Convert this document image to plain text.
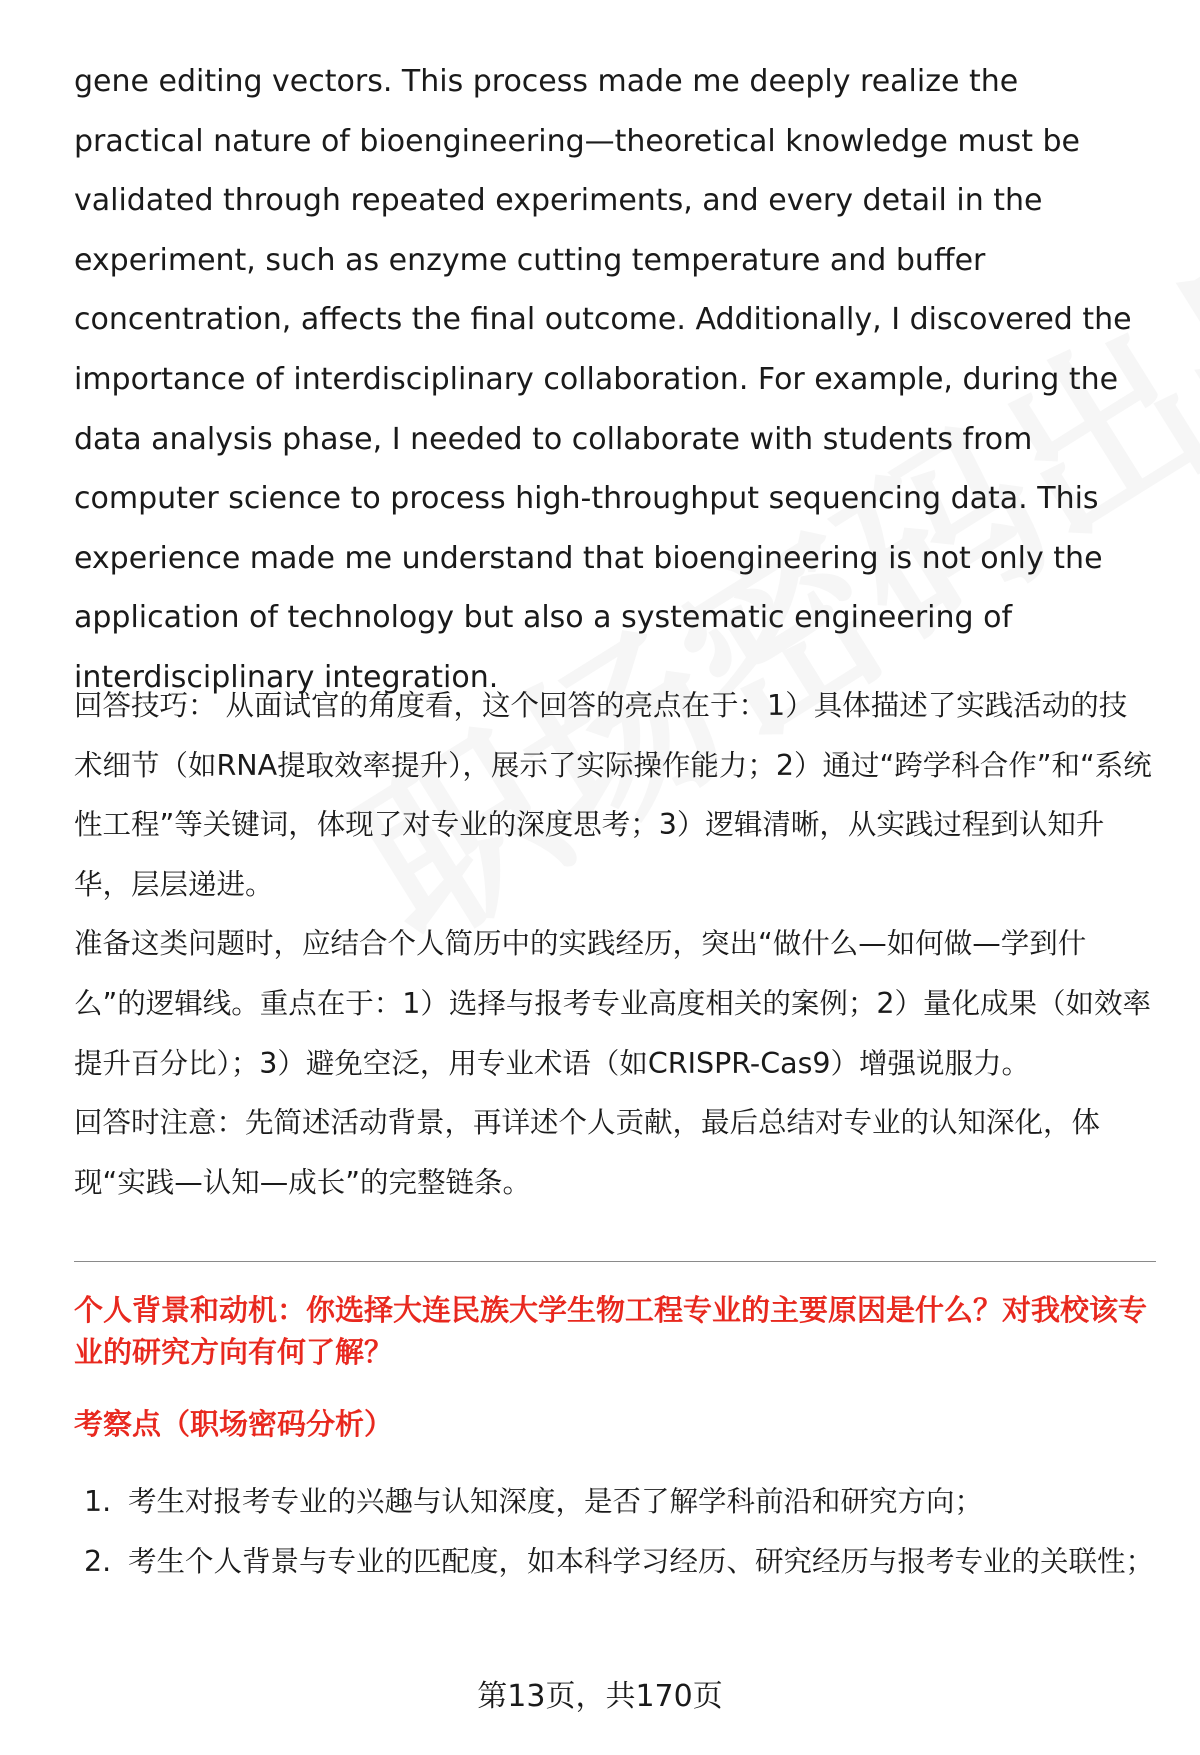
gene editing vectors. This process made me deeply realize the practical nature of bioengineering—theoretical knowledge must be validated through repeated experiments, and every detail in the experiment, such as enzyme cutting temperature and buffer concentration, affects the final outcome. Additionally, I discovered the importance of interdisciplinary collaboration. For example, during the data analysis phase, I needed to collaborate with students from computer science to process high-throughput sequencing data. This experience made me understand that bioengineering is not only the application of technology but also a systematic engineering of interdisciplinary integration.

回答技巧： 从面试官的角度看，这个回答的亮点在于：1）具体描述了实践活动的技术细节（如RNA提取效率提升），展示了实际操作能力；2）通过“跨学科合作”和“系统性工程”等关键词，体现了对专业的深度思考；3）逻辑清晰，从实践过程到认知升华，层层递进。

准备这类问题时，应结合个人简历中的实践经历，突出“做什么—如何做—学到什么”的逻辑线。重点在于：1）选择与报考专业高度相关的案例；2）量化成果（如效率提升百分比）；3）避免空泛，用专业术语（如CRISPR-Cas9）增强说服力。

回答时注意：先简述活动背景，再详述个人贡献，最后总结对专业的认知深化，体现“实践—认知—成长”的完整链条。

个人背景和动机：你选择大连民族大学生物工程专业的主要原因是什么？对我校该专业的研究方向有何了解？

考察点（职场密码分析）

1. 考生对报考专业的兴趣与认知深度，是否了解学科前沿和研究方向；
2. 考生个人背景与专业的匹配度，如本科学习经历、研究经历与报考专业的关联性；
第13页，共170页
